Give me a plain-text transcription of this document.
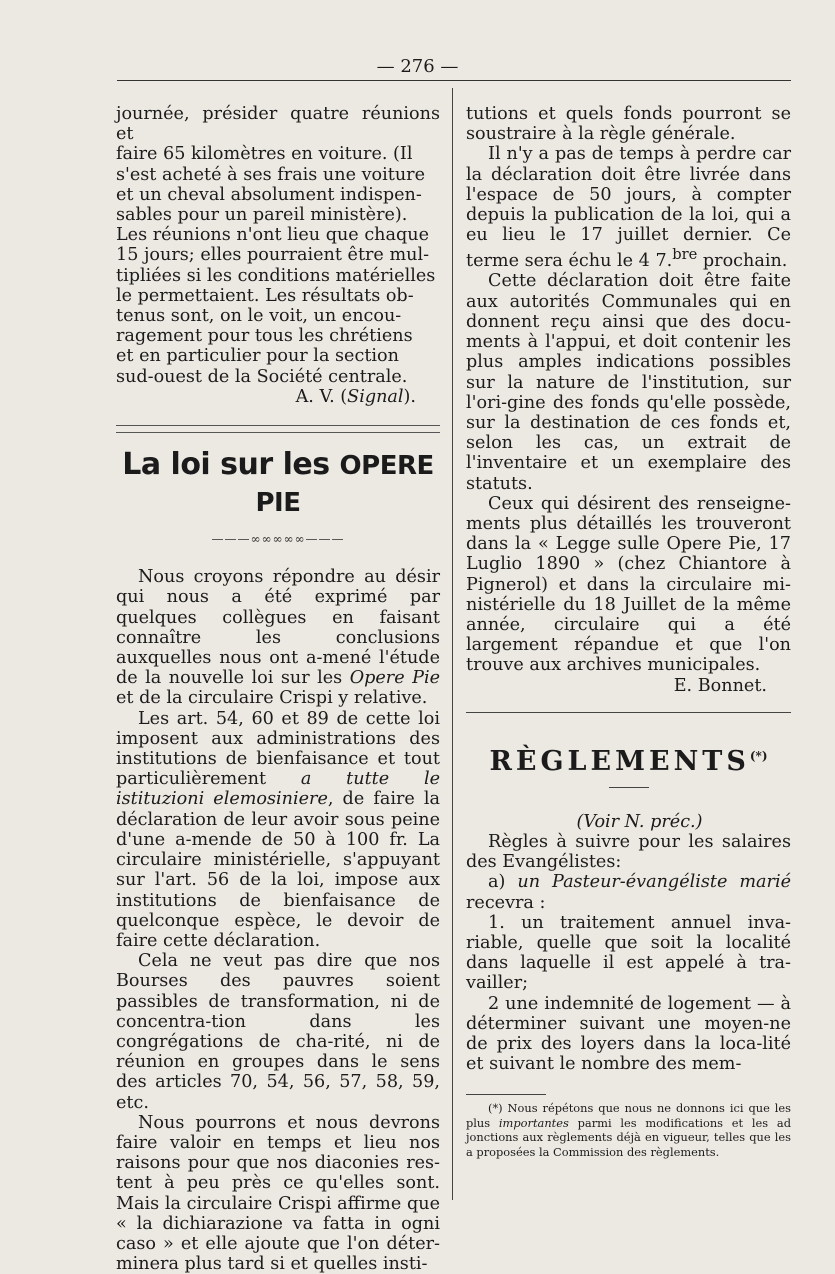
— 276 —

journée, présider quatre réunions et

faire 65 kilomètres en voiture. (Il

s'est acheté à ses frais une voiture

et un cheval absolument indispen-

sables pour un pareil ministère).

Les réunions n'ont lieu que chaque

15 jours; elles pourraient être mul-

tipliées si les conditions matérielles

le permettaient. Les résultats ob-

tenus sont, on le voit, un encou-

ragement pour tous les chrétiens

et en particulier pour la section

sud-ouest de la Société centrale.

A. V. (Signal).

La loi sur les OPERE PIE
———∞∞∞∞∞———

Nous croyons répondre au désir qui nous a été exprimé par quelques collègues en faisant connaître les conclusions auxquelles nous ont a-mené l'étude de la nouvelle loi sur les Opere Pie et de la circulaire Crispi y relative.

Les art. 54, 60 et 89 de cette loi imposent aux administrations des institutions de bienfaisance et tout particulièrement a tutte le istituzioni elemosiniere, de faire la déclaration de leur avoir sous peine d'une a-mende de 50 à 100 fr. La circulaire ministérielle, s'appuyant sur l'art. 56 de la loi, impose aux institutions de bienfaisance de quelconque espèce, le devoir de faire cette déclaration.

Cela ne veut pas dire que nos Bourses des pauvres soient passibles de transformation, ni de concentra-tion dans les congrégations de cha-rité, ni de réunion en groupes dans le sens des articles 70, 54, 56, 57, 58, 59, etc.

Nous pourrons et nous devrons faire valoir en temps et lieu nos raisons pour que nos diaconies res-tent à peu près ce qu'elles sont. Mais la circulaire Crispi affirme que « la dichiarazione va fatta in ogni caso » et elle ajoute que l'on déter-minera plus tard si et quelles insti-

tutions et quels fonds pourront se soustraire à la règle générale.

Il n'y a pas de temps à perdre car la déclaration doit être livrée dans l'espace de 50 jours, à compter depuis la publication de la loi, qui a eu lieu le 17 juillet dernier. Ce terme sera échu le 4 7.$^{bre}$ prochain.

Cette déclaration doit être faite aux autorités Communales qui en donnent reçu ainsi que des docu-ments à l'appui, et doit contenir les plus amples indications possibles sur la nature de l'institution, sur l'ori-gine des fonds qu'elle possède, sur la destination de ces fonds et, selon les cas, un extrait de l'inventaire et un exemplaire des statuts.

Ceux qui désirent des renseigne-ments plus détaillés les trouveront dans la « Legge sulle Opere Pie, 17 Luglio 1890 » (chez Chiantore à Pignerol) et dans la circulaire mi-nistérielle du 18 Juillet de la même année, circulaire qui a été largement répandue et que l'on trouve aux archives municipales.

E. Bonnet.

RÈGLEMENTS(*)

(Voir N. préc.)

Règles à suivre pour les salaires des Evangélistes:

a) un Pasteur-évangéliste marié recevra :

1. un traitement annuel inva-riable, quelle que soit la localité dans laquelle il est appelé à tra-vailler;

2 une indemnité de logement — à déterminer suivant une moyen-ne de prix des loyers dans la loca-lité et suivant le nombre des mem-

(*) Nous répétons que nous ne donnons ici que les plus importantes parmi les modifications et les ad jonctions aux règlements déjà en vigueur, telles que les a proposées la Commission des règlements.
